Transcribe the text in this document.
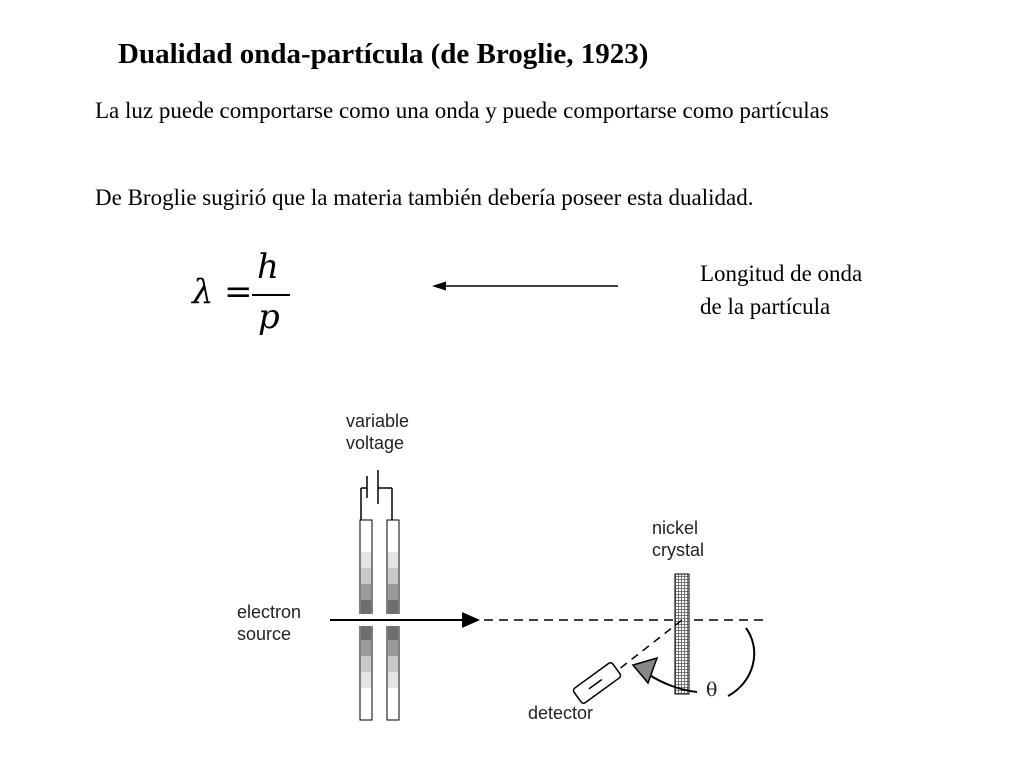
Dualidad onda-partícula (de Broglie, 1923)
La luz puede comportarse como una onda y puede comportarse como partículas
De Broglie sugirió que la materia también debería poseer esta dualidad.
λ =
h
p
Longitud de onda
de la partícula
variable
voltage
nickel
crystal
electron
source
detector
θ
